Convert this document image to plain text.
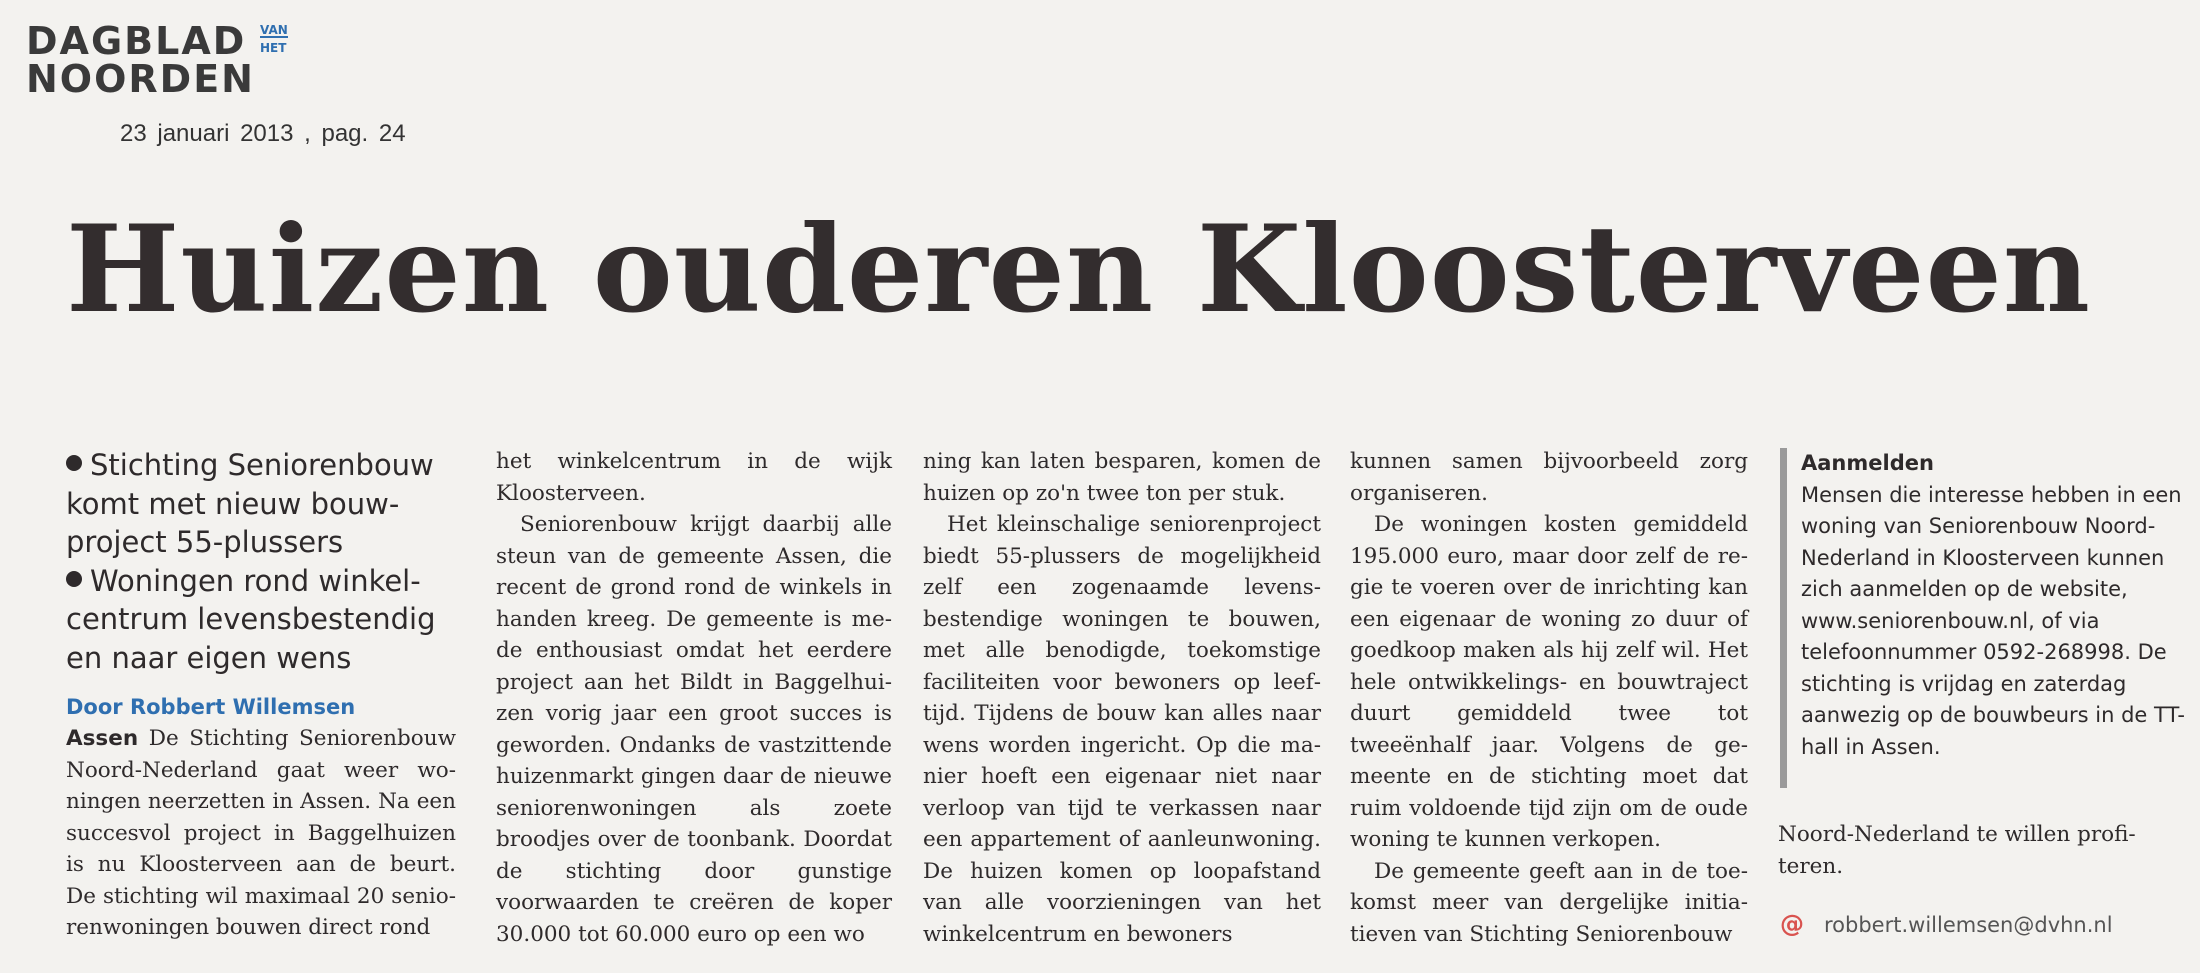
DAGBLAD
NOORDEN
VAN
HET
23 januari 2013 , pag. 24
Huizen ouderen Kloosterveen
Stichting Seniorenbouw komt met nieuw bouwproject 55-plussers
Woningen rond winkelcentrum levensbestendig en naar eigen wens
Door Robbert Willemsen

Assen De Stichting Seniorenbouw Noord-Nederland gaat weer woningen neerzetten in Assen. Na een succesvol project in Baggelhuizen is nu Kloosterveen aan de beurt. De stichting wil maximaal 20 seniorenwoningen bouwen direct rond

het winkelcentrum in de wijk Kloosterveen.

Seniorenbouw krijgt daarbij alle steun van de gemeente Assen, die recent de grond rond de winkels in handen kreeg. De gemeente is mede enthousiast omdat het eerdere project aan het Bildt in Baggelhuizen vorig jaar een groot succes is geworden. Ondanks de vastzittende huizenmarkt gingen daar de nieuwe seniorenwoningen als zoete broodjes over de toonbank. Doordat de stichting door gunstige voorwaarden te creëren de koper 30.000 tot 60.000 euro op een wo

ning kan laten besparen, komen de huizen op zo'n twee ton per stuk.

Het kleinschalige seniorenproject biedt 55-plussers de mogelijkheid zelf een zogenaamde levensbestendige woningen te bouwen, met alle benodigde, toekomstige faciliteiten voor bewoners op leeftijd. Tijdens de bouw kan alles naar wens worden ingericht. Op die manier hoeft een eigenaar niet naar verloop van tijd te verkassen naar een appartement of aanleunwoning. De huizen komen op loopafstand van alle voorzieningen van het winkelcentrum en bewoners

kunnen samen bijvoorbeeld zorg organiseren.

De woningen kosten gemiddeld 195.000 euro, maar door zelf de regie te voeren over de inrichting kan een eigenaar de woning zo duur of goedkoop maken als hij zelf wil. Het hele ontwikkelings- en bouwtraject duurt gemiddeld twee tot tweeënhalf jaar. Volgens de gemeente en de stichting moet dat ruim voldoende tijd zijn om de oude woning te kunnen verkopen.

De gemeente geeft aan in de toekomst meer van dergelijke initiatieven van Stichting Seniorenbouw

Aanmelden

Mensen die interesse hebben in een woning van Seniorenbouw Noord-Nederland in Kloosterveen kunnen zich aanmelden op de website, www.seniorenbouw.nl, of via telefoonnummer 0592-268998. De stichting is vrijdag en zaterdag aanwezig op de bouwbeurs in de TT-hall in Assen.

Noord-Nederland te willen profiteren.

@ robbert.willemsen@dvhn.nl
